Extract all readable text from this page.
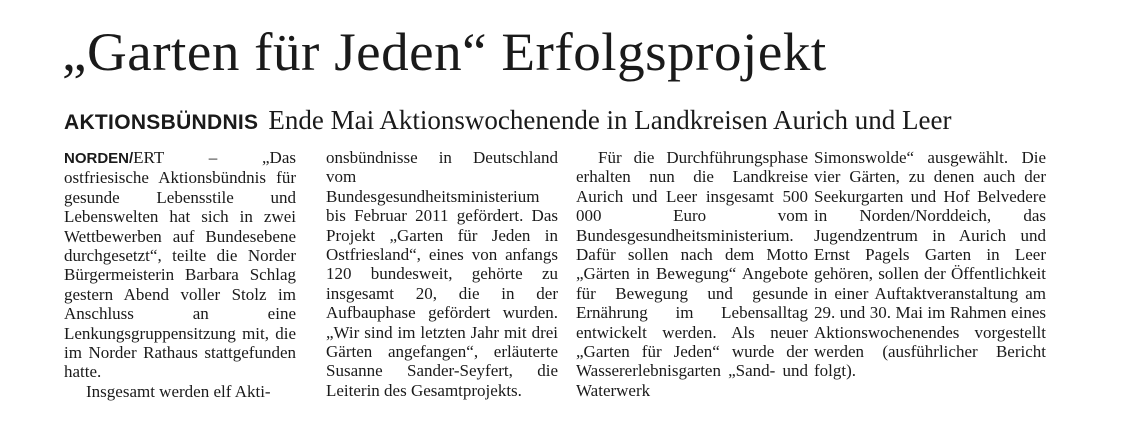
„Garten für Jeden“ Erfolgsprojekt
AKTIONSBÜNDNIS Ende Mai Aktionswochenende in Landkreisen Aurich und Leer

NORDEN/ERT	– „Das ostfriesische Aktionsbündnis für gesunde Lebensstile und Lebenswelten hat sich in zwei Wettbewerben auf Bundesebene durchgesetzt“, teilte die Norder Bürgermeisterin Barbara Schlag gestern Abend voller Stolz im Anschluss an eine Lenkungsgruppensitzung mit, die im Norder Rathaus stattgefunden hatte.

Insgesamt werden elf Akti-

onsbündnisse in Deutschland vom Bundesgesundheitsministerium bis Februar 2011 gefördert. Das Projekt „Garten für Jeden in Ostfriesland“, eines von anfangs 120 bundesweit, gehörte zu insgesamt 20, die in der Aufbauphase gefördert wurden. „Wir sind im letzten Jahr mit drei Gärten angefangen“, erläuterte Susanne Sander-Seyfert, die Leiterin des Gesamtprojekts.

Für die Durchführungsphase erhalten nun die Landkreise Aurich und Leer insgesamt 500 000 Euro vom Bundesgesundheitsministerium. Dafür sollen nach dem Motto „Gärten in Bewegung“ Angebote für Bewegung und gesunde Ernährung im Lebensalltag entwickelt werden. Als neuer „Garten für Jeden“ wurde der Wassererlebnisgarten „Sand- und Waterwerk

Simonswolde“ ausgewählt. Die vier Gärten, zu denen auch der Seekurgarten und Hof Belvedere in Norden/Norddeich, das Jugendzentrum in Aurich und Ernst Pagels Garten in Leer gehören, sollen der Öffentlichkeit in einer Auftaktveranstaltung am 29. und 30. Mai im Rahmen eines Aktionswochenendes vorgestellt werden (ausführlicher Bericht folgt).
